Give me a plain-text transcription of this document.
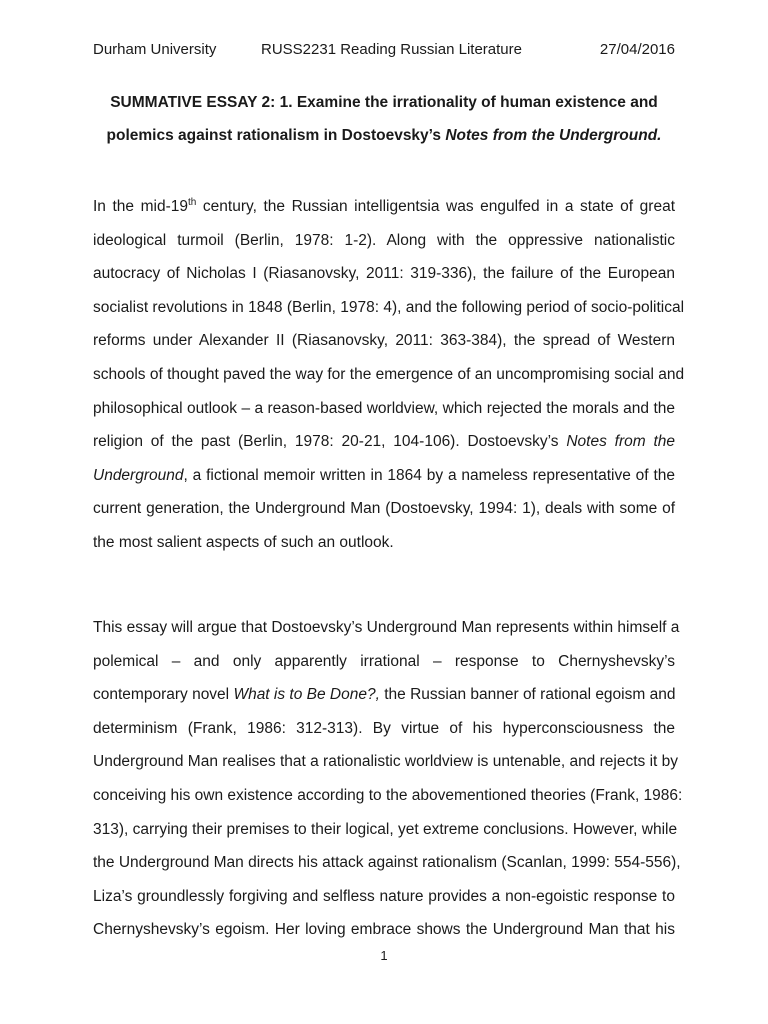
Durham University	RUSS2231 Reading Russian Literature	27/04/2016
SUMMATIVE ESSAY 2: 1. Examine the irrationality of human existence and
polemics against rationalism in Dostoevsky’s Notes from the Underground.
In the mid-19th century, the Russian intelligentsia was engulfed in a state of great
ideological turmoil (Berlin, 1978: 1-2). Along with the oppressive nationalistic
autocracy of Nicholas I (Riasanovsky, 2011: 319-336), the failure of the European
socialist revolutions in 1848 (Berlin, 1978: 4), and the following period of socio-political
reforms under Alexander II (Riasanovsky, 2011: 363-384), the spread of Western
schools of thought paved the way for the emergence of an uncompromising social and
philosophical outlook – a reason-based worldview, which rejected the morals and the
religion of the past (Berlin, 1978: 20-21, 104-106). Dostoevsky’s Notes from the
Underground, a fictional memoir written in 1864 by a nameless representative of the
current generation, the Underground Man (Dostoevsky, 1994: 1), deals with some of
the most salient aspects of such an outlook.
This essay will argue that Dostoevsky’s Underground Man represents within himself a
polemical – and only apparently irrational – response to Chernyshevsky’s
contemporary novel What is to Be Done?, the Russian banner of rational egoism and
determinism (Frank, 1986: 312-313). By virtue of his hyperconsciousness the
Underground Man realises that a rationalistic worldview is untenable, and rejects it by
conceiving his own existence according to the abovementioned theories (Frank, 1986:
313), carrying their premises to their logical, yet extreme conclusions. However, while
the Underground Man directs his attack against rationalism (Scanlan, 1999: 554-556),
Liza’s groundlessly forgiving and selfless nature provides a non-egoistic response to
Chernyshevsky’s egoism. Her loving embrace shows the Underground Man that his
1
